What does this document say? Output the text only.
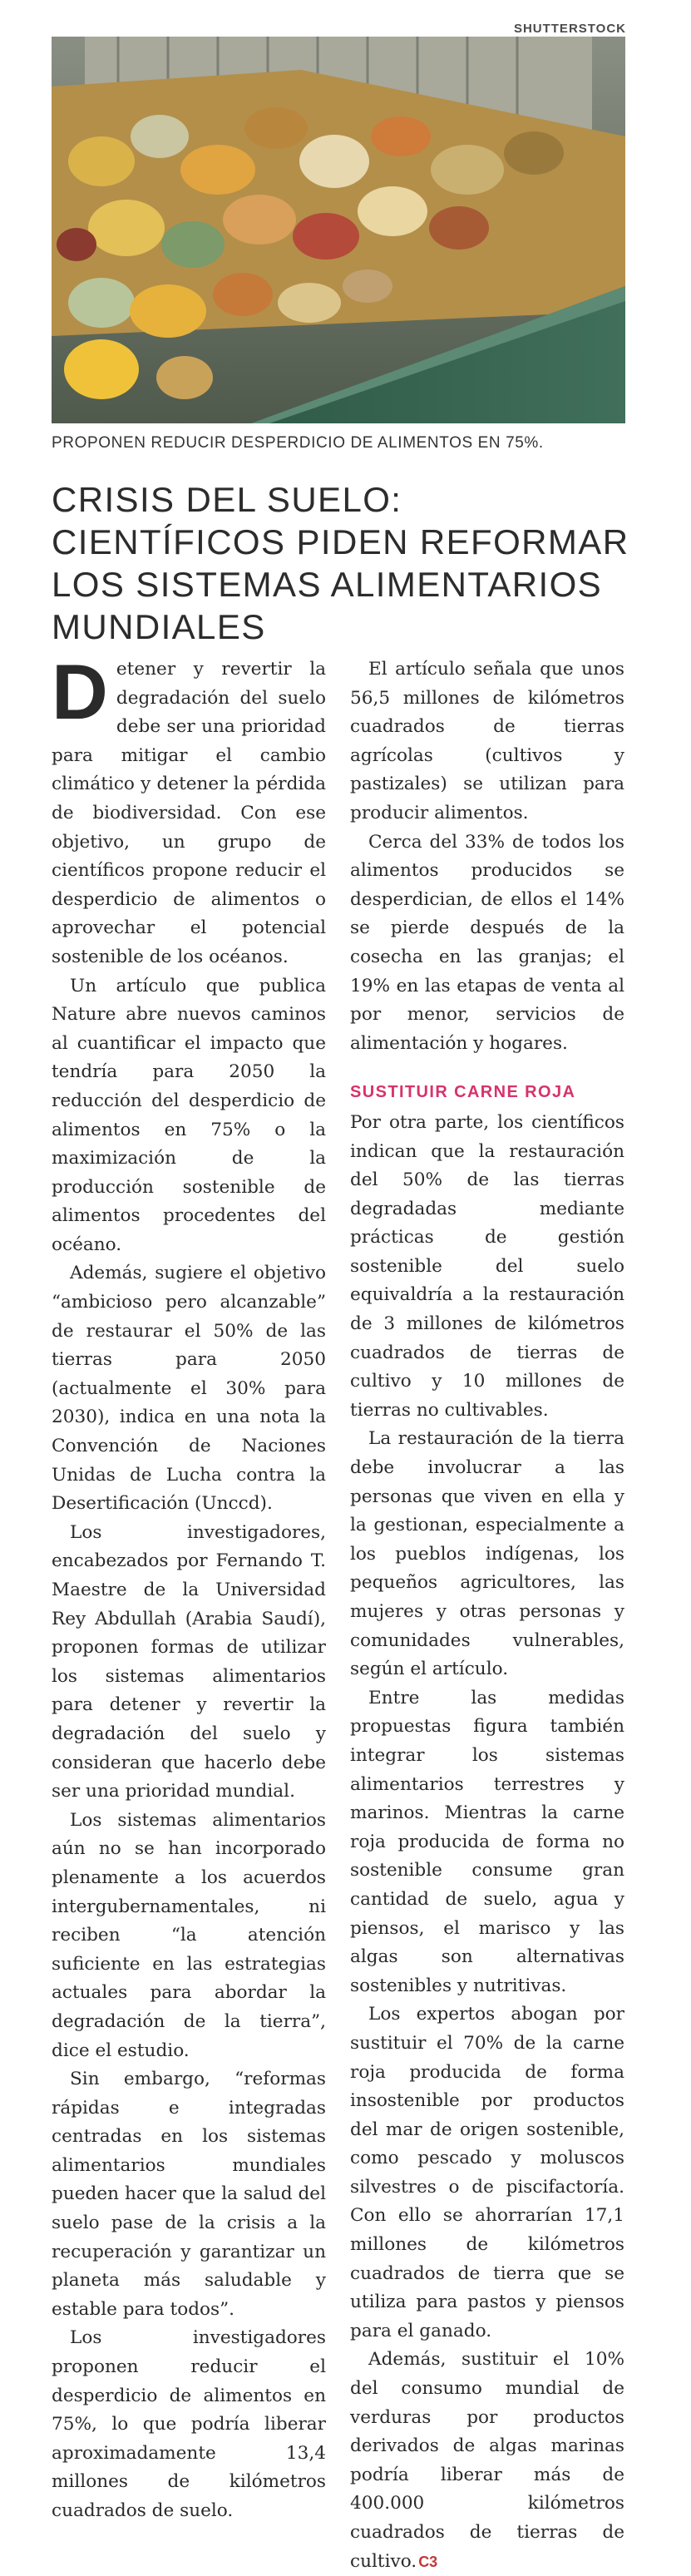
SHUTTERSTOCK
PROPONEN REDUCIR DESPERDICIO DE ALIMENTOS EN 75%.
CRISIS DEL SUELO: CIENTÍFICOS PIDEN REFORMAR LOS SISTEMAS ALIMENTARIOS MUNDIALES

Detener y revertir la degradación del suelo debe ser una prioridad para mitigar el cambio climático y detener la pérdida de biodiversidad. Con ese objetivo, un grupo de científicos propone reducir el desperdicio de alimentos o aprovechar el potencial sostenible de los océanos.

Un artículo que publica Nature abre nuevos caminos al cuantificar el impacto que tendría para 2050 la reducción del desperdicio de alimentos en 75% o la maximización de la producción sostenible de alimentos procedentes del océano.

Además, sugiere el objetivo “ambicioso pero alcanzable” de restaurar el 50% de las tierras para 2050 (actualmente el 30% para 2030), indica en una nota la Convención de Naciones Unidas de Lucha contra la Desertificación (Unccd).

Los investigadores, encabezados por Fernando T. Maestre de la Universidad Rey Abdullah (Arabia Saudí), proponen formas de utilizar los sistemas alimentarios para detener y revertir la degradación del suelo y consideran que hacerlo debe ser una prioridad mundial.

Los sistemas alimentarios aún no se han incorporado plenamente a los acuerdos intergubernamentales, ni reciben “la atención suficiente en las estrategias actuales para abordar la degradación de la tierra”, dice el estudio.

Sin embargo, “reformas rápidas e integradas centradas en los sistemas alimentarios mundiales pueden hacer que la salud del suelo pase de la crisis a la recuperación y garantizar un planeta más saludable y estable para todos”.

Los investigadores proponen reducir el desperdicio de alimentos en 75%, lo que podría liberar aproximadamente 13,4 millones de kilómetros cuadrados de suelo.

El artículo señala que unos 56,5 millones de kilómetros cuadrados de tierras agrícolas (cultivos y pastizales) se utilizan para producir alimentos.

Cerca del 33% de todos los alimentos producidos se desperdician, de ellos el 14% se pierde después de la cosecha en las granjas; el 19% en las etapas de venta al por menor, servicios de alimentación y hogares.

SUSTITUIR CARNE ROJA

Por otra parte, los científicos indican que la restauración del 50% de las tierras degradadas mediante prácticas de gestión sostenible del suelo equivaldría a la restauración de 3 millones de kilómetros cuadrados de tierras de cultivo y 10 millones de tierras no cultivables.

La restauración de la tierra debe involucrar a las personas que viven en ella y la gestionan, especialmente a los pueblos indígenas, los pequeños agricultores, las mujeres y otras personas y comunidades vulnerables, según el artículo.

Entre las medidas propuestas figura también integrar los sistemas alimentarios terrestres y marinos. Mientras la carne roja producida de forma no sostenible consume gran cantidad de suelo, agua y piensos, el marisco y las algas son alternativas sostenibles y nutritivas.

Los expertos abogan por sustituir el 70% de la carne roja producida de forma insostenible por productos del mar de origen sostenible, como pescado y moluscos silvestres o de piscifactoría. Con ello se ahorrarían 17,1 millones de kilómetros cuadrados de tierra que se utiliza para pastos y piensos para el ganado.

Además, sustituir el 10% del consumo mundial de verduras por productos derivados de algas marinas podría liberar más de 400.000 kilómetros cuadrados de tierras de cultivo. C3
